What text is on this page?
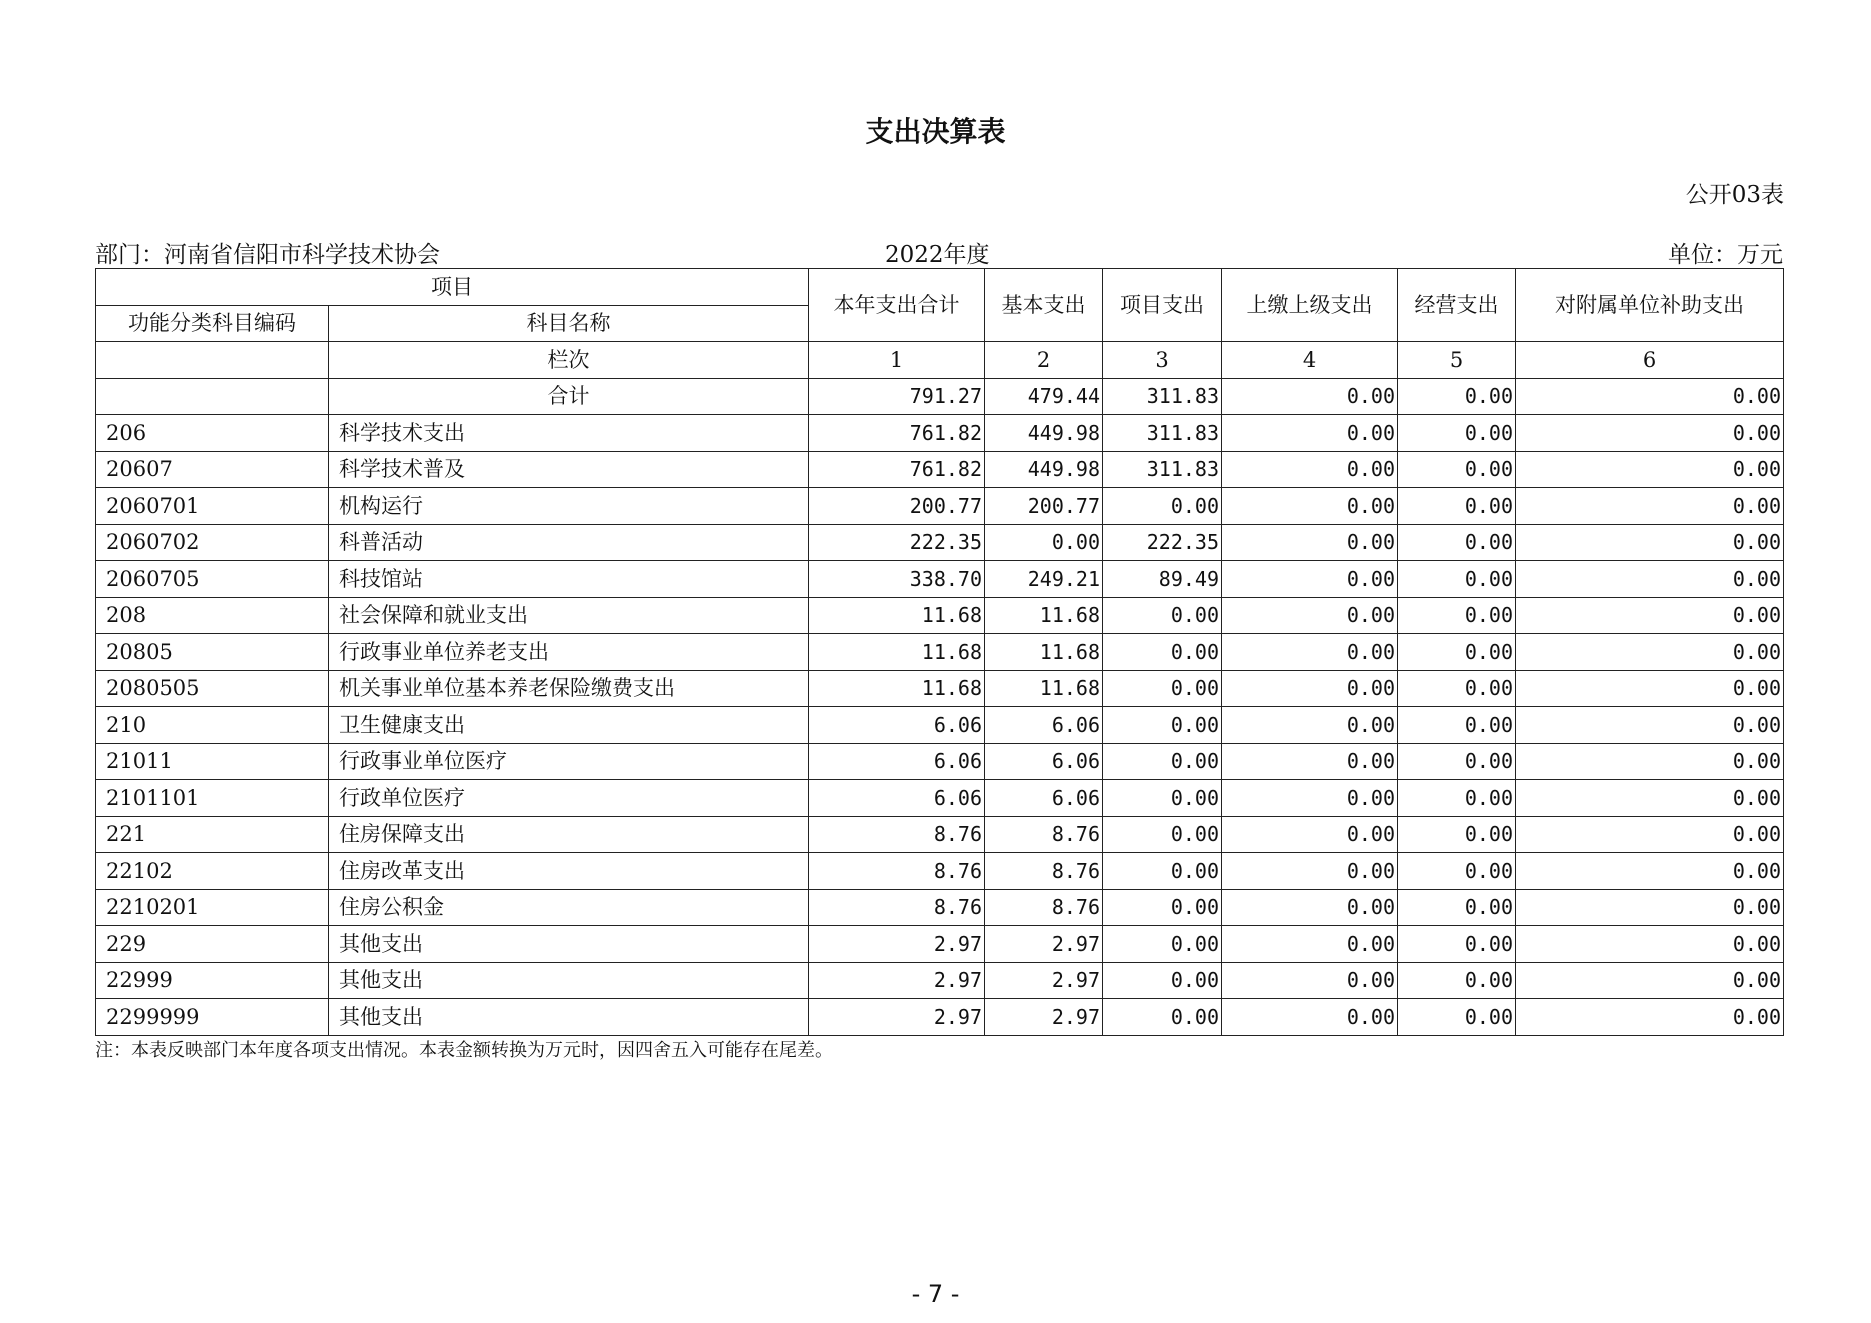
支出决算表
公开03表
部门：河南省信阳市科学技术协会	2022年度	单位：万元
项目		本年支出合计	基本支出	项目支出	上缴上级支出	经营支出	对附属单位补助支出
功能分类科目编码	科目名称						
	栏次	1	2	3	4	5	6
	合计	791.27	479.44	311.83	0.00	0.00	0.00
206	科学技术支出	761.82	449.98	311.83	0.00	0.00	0.00
20607	科学技术普及	761.82	449.98	311.83	0.00	0.00	0.00
2060701	机构运行	200.77	200.77	0.00	0.00	0.00	0.00
2060702	科普活动	222.35	0.00	222.35	0.00	0.00	0.00
2060705	科技馆站	338.70	249.21	89.49	0.00	0.00	0.00
208	社会保障和就业支出	11.68	11.68	0.00	0.00	0.00	0.00
20805	行政事业单位养老支出	11.68	11.68	0.00	0.00	0.00	0.00
2080505	机关事业单位基本养老保险缴费支出	11.68	11.68	0.00	0.00	0.00	0.00
210	卫生健康支出	6.06	6.06	0.00	0.00	0.00	0.00
21011	行政事业单位医疗	6.06	6.06	0.00	0.00	0.00	0.00
2101101	行政单位医疗	6.06	6.06	0.00	0.00	0.00	0.00
221	住房保障支出	8.76	8.76	0.00	0.00	0.00	0.00
22102	住房改革支出	8.76	8.76	0.00	0.00	0.00	0.00
2210201	住房公积金	8.76	8.76	0.00	0.00	0.00	0.00
229	其他支出	2.97	2.97	0.00	0.00	0.00	0.00
22999	其他支出	2.97	2.97	0.00	0.00	0.00	0.00
2299999	其他支出	2.97	2.97	0.00	0.00	0.00	0.00
注：本表反映部门本年度各项支出情况。本表金额转换为万元时，因四舍五入可能存在尾差。
- 7 -
